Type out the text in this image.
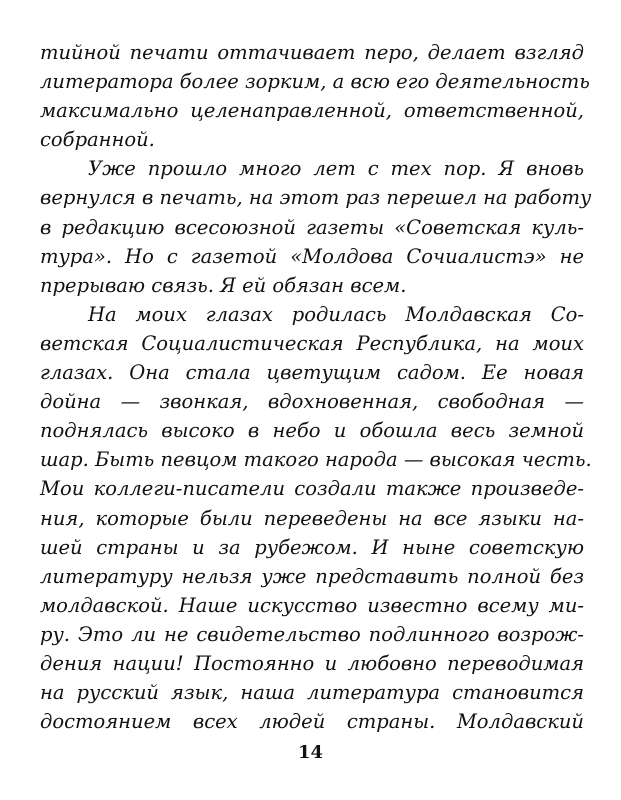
тийной печати оттачивает перо, делает взгляд
литератора более зорким, а всю его деятельность
максимально целенаправленной, ответственной,
собранной.
Уже прошло много лет с тех пор. Я вновь
вернулся в печать, на этот раз перешел на работу
в редакцию всесоюзной газеты «Советская куль-
тура». Но с газетой «Молдова Сочиалистэ» не
прерываю связь. Я ей обязан всем.
На моих глазах родилась Молдавская Со-
ветская Социалистическая Республика, на моих
глазах. Она стала цветущим садом. Ее новая
дойна — звонкая, вдохновенная, свободная —
поднялась высоко в небо и обошла весь земной
шар. Быть певцом такого народа — высокая честь.
Мои коллеги-писатели создали также произведе-
ния, которые были переведены на все языки на-
шей страны и за рубежом. И ныне советскую
литературу нельзя уже представить полной без
молдавской. Наше искусство известно всему ми-
ру. Это ли не свидетельство подлинного возрож-
дения нации! Постоянно и любовно переводимая
на русский язык, наша литература становится
достоянием всех людей страны. Молдавский
14
